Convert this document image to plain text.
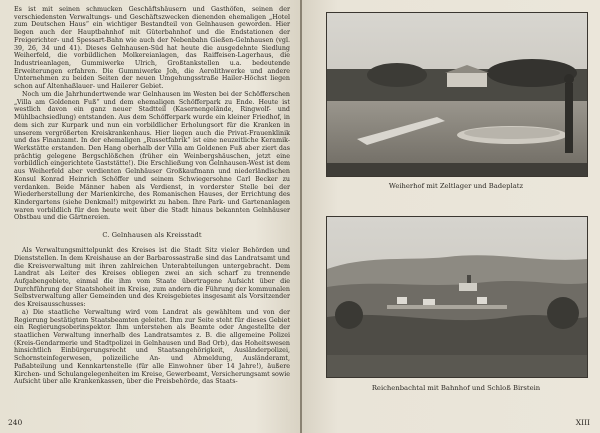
Es ist mit seinen schmucken Geschäftshäusern und Gasthöfen, seinen der verschiedensten Verwaltungs- und Geschäftszwecken dienenden ehemaligen „Hotel zum Deutschen Haus“ ein wichtiger Bestandteil von Gelnhausen geworden. Hier liegen auch der Hauptbahnhof mit Güterbahnhof und die Endstationen der Freigerichter- und Spessart-Bahn wie auch der Nebenbahn Gießen-Gelnhausen (vgl. 39, 26, 34 und 41). Dieses Gelnhausen-Süd hat heute die ausgedehnte Siedlung Weiherfeld, die vorbildlichen Molkereianlagen, das Raiffeisen-Lagerhaus, die Industrieanlagen, Gummiwerke Ulrich, Großtankstellen u.a. bedeutende Erweiterungen erfahren. Die Gummiwerke Joh, die Aerolithwerke und andere Unternehmen zu beiden Seiten der neuen Umgehungsstraße Hailer-Höchst liegen schon auf Altenhaßlauer- und Hailerer Gebiet.

Noch um die Jahrhundertwende war Gelnhausen im Westen bei der Schöfferschen „Villa am Goldenen Fuß“ und dem ehemaligen Schöfferpark zu Ende. Heute ist westlich davon ein ganz neuer Stadtteil (Kasernengelände, Ringwolf- und Mühlbachsiedlung) entstanden. Aus dem Schöfferpark wurde ein kleiner Friedhof, in dem sich zur Kurpark und nun ein vorbildlicher Erholungsort für die Kranken in unserem vergrößerten Kreiskrankenhaus. Hier liegen auch die Privat-Frauenklinik und das Finanzamt. In der ehemaligen „Russetfabrik“ ist eine neuzeitliche Keramik-Werkstätte erstanden. Den Hang oberhalb der Villa am Goldenen Fuß aber ziert das prächtig gelegene Bergschlößchen (früher ein Weinbergshäuschen, jetzt eine vorbildlich eingerichtete Gaststätte!). Die Erschließung von Gelnhausen-West ist dem aus Weiherfeld aber verdienten Gelnhäuser Großkaufmann und niederländischen Konsul Konrad Heinrich Schöffer und seinem Schwiegersohne Carl Becker zu verdanken. Beide Männer haben als Verdienst, in vorderster Stelle bei der Wiederherstellung der Marienkirche, des Romanischen Hauses, der Errichtung des Kindergartens (siehe Denkmal!) mitgewirkt zu haben. Ihre Park- und Gartenanlagen waren vorbildlich für den heute weit über die Stadt hinaus bekannten Gelnhäuser Obstbau und die Gärtnereien.

C. Gelnhausen als Kreisstadt

Als Verwaltungsmittelpunkt des Kreises ist die Stadt Sitz vieler Behörden und Dienststellen. In dem Kreishause an der Barbarossastraße sind das Landratsamt und die Kreisverwaltung mit ihren zahlreichen Unterabteilungen untergebracht. Dem Landrat als Leiter des Kreises obliegen zwei an sich scharf zu trennende Aufgabengebiete, einmal die ihm vom Staate übertragene Aufsicht über die Durchführung der Staatshoheit im Kreise, zum andern die Führung der kommunalen Selbstverwaltung aller Gemeinden und des Kreisgebietes insgesamt als Vorsitzender des Kreisausschusses:

a) Die staatliche Verwaltung wird vom Landrat als gewähltem und von der Regierung bestätigtem Staatsbeamten geleitet. Ihm zur Seite steht für dieses Gebiet ein Regierungsoberinspektor. Ihm unterstehen als Beamte oder Angestellte der staatlichen Verwaltung innerhalb des Landratsamtes z. B. die allgemeine Polizei (Kreis-Gendarmerie und Stadtpolizei in Gelnhausen und Bad Orb), das Hoheitswesen hinsichtlich Einbürgerungsrecht und Staatsangehörigkeit, Ausländerpolizei, Schornsteinfegerwesen, polizeiliche An- und Abmeldung, Ausländeramt, Paßabteilung und Kennkartenstelle (für alle Einwohner über 14 Jahre!), äußere Kirchen- und Schulangelegenheiten im Kreise, Gewerbeamt, Versicherungsamt sowie Aufsicht über alle Krankenkassen, über die Preisbehörde, das Staats-

240
Weiherhof mit Zeltlager und Badeplatz
Reichenbachtal mit Bahnhof und Schloß Birstein
XIII
